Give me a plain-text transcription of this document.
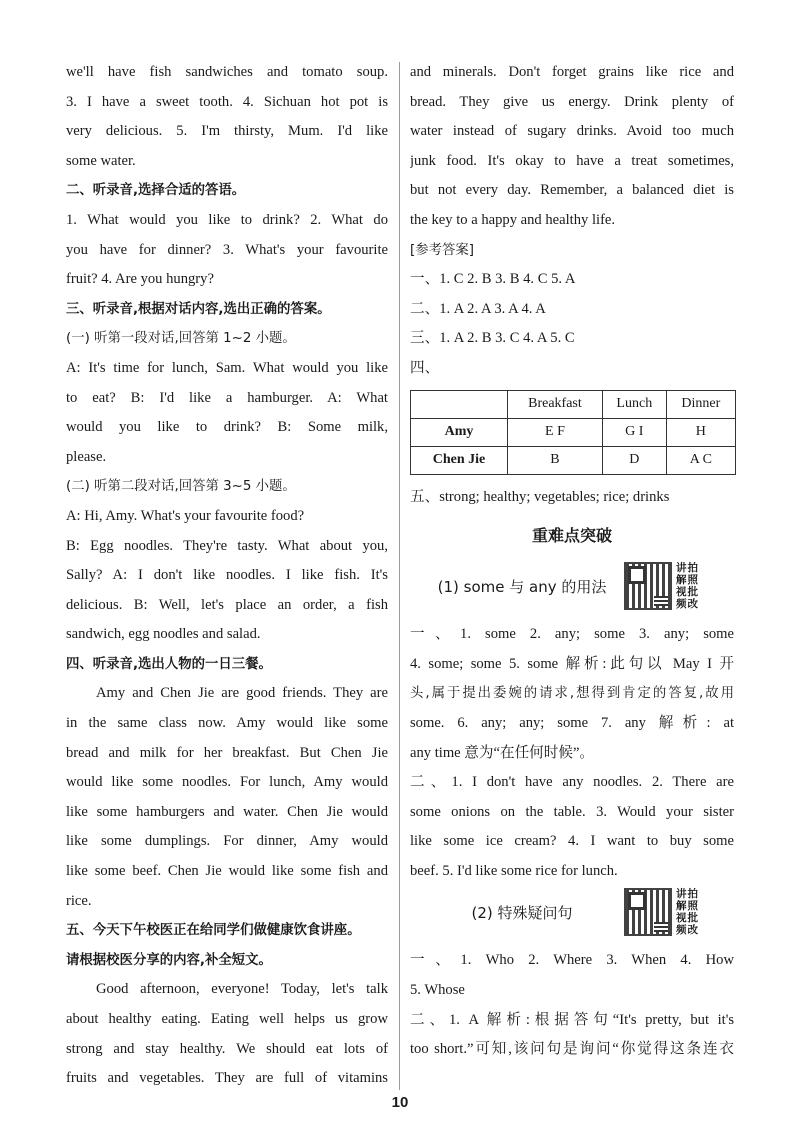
we'll have fish sandwiches and tomato soup.
3. I have a sweet tooth. 4. Sichuan hot pot is
very delicious. 5. I'm thirsty, Mum. I'd like
some water.
二、听录音,选择合适的答语。
1. What would you like to drink? 2. What do
you have for dinner? 3. What's your favourite
fruit? 4. Are you hungry?
三、听录音,根据对话内容,选出正确的答案。
(一) 听第一段对话,回答第 1~2 小题。
A: It's time for lunch, Sam. What would you like
to eat? B: I'd like a hamburger. A: What
would you like to drink? B: Some milk,
please.
(二) 听第二段对话,回答第 3~5 小题。
A: Hi, Amy. What's your favourite food?
B: Egg noodles. They're tasty. What about you,
Sally? A: I don't like noodles. I like fish. It's
delicious. B: Well, let's place an order, a fish
sandwich, egg noodles and salad.
四、听录音,选出人物的一日三餐。
Amy and Chen Jie are good friends. They are
in the same class now. Amy would like some
bread and milk for her breakfast. But Chen Jie
would like some noodles. For lunch, Amy would
like some hamburgers and water. Chen Jie would
like some dumplings. For dinner, Amy would
like some beef. Chen Jie would like some fish and
rice.
五、今天下午校医正在给同学们做健康饮食讲座。
请根据校医分享的内容,补全短文。
Good afternoon, everyone! Today, let's talk
about healthy eating. Eating well helps us grow
strong and stay healthy. We should eat lots of
fruits and vegetables. They are full of vitamins
and minerals. Don't forget grains like rice and
bread. They give us energy. Drink plenty of
water instead of sugary drinks. Avoid too much
junk food. It's okay to have a treat sometimes,
but not every day. Remember, a balanced diet is
the key to a happy and healthy life.
[参考答案]
一、1. C 2. B 3. B 4. C 5. A
二、1. A 2. A 3. A 4. A
三、1. A 2. B 3. C 4. A 5. C
四、
	Breakfast	Lunch	Dinner
Amy	E F	G I	H
Chen Jie	B	D	A C
五、strong; healthy; vegetables; rice; drinks
重难点突破
(1) some 与 any 的用法
讲拍解照视批频改
一、1. some 2. any; some 3. any; some
4. some; some 5. some 解析:此句以 May I 开
头,属于提出委婉的请求,想得到肯定的答复,故用
some. 6. any; any; some 7. any 解析: at
any time 意为“在任何时候”。
二、1. I don't have any noodles. 2. There are
some onions on the table. 3. Would your sister
like some ice cream? 4. I want to buy some
beef. 5. I'd like some rice for lunch.
(2) 特殊疑问句
讲拍解照视批频改
一、1. Who 2. Where 3. When 4. How
5. Whose
二、1. A 解析:根据答句“It's pretty, but it's
too short.”可知,该问句是询问“你觉得这条连衣
10
